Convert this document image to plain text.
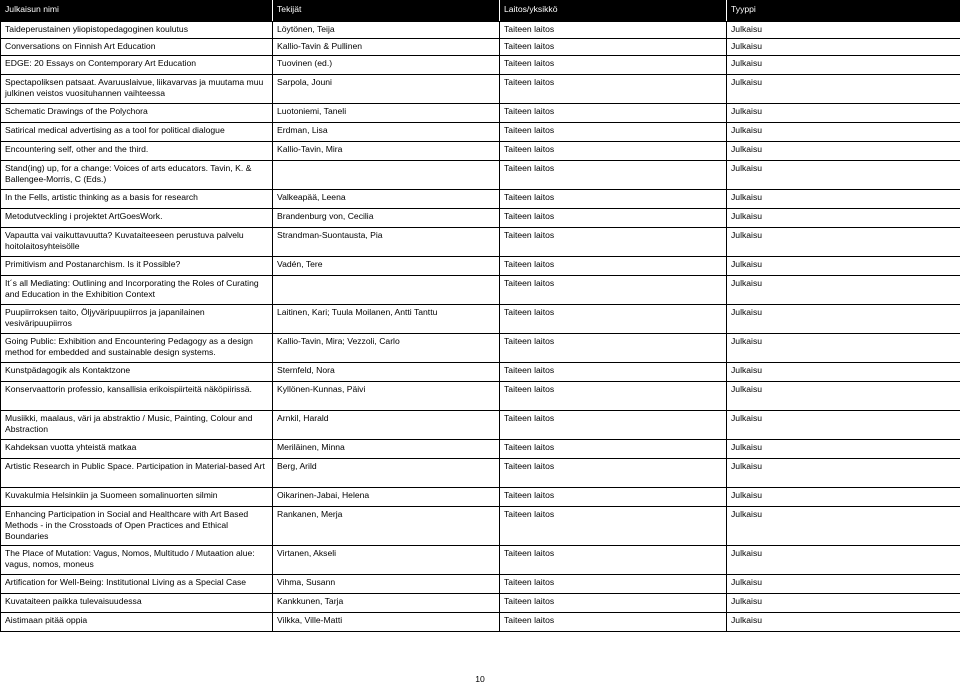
Julkaisun nimi	Tekijät	Laitos/yksikkö	Tyyppi
Taideperustainen yliopistopedagoginen koulutus	Löytönen, Teija	Taiteen laitos	Julkaisu
Conversations on Finnish Art Education	Kallio-Tavin & Pullinen	Taiteen laitos	Julkaisu
EDGE: 20 Essays on Contemporary Art Education	Tuovinen (ed.)	Taiteen laitos	Julkaisu
Spectapoliksen patsaat. Avaruuslaivue, liikavarvas ja muutama muu julkinen veistos vuosituhannen vaihteessa	Sarpola, Jouni	Taiteen laitos	Julkaisu
Schematic Drawings of the Polychora	Luotoniemi, Taneli	Taiteen laitos	Julkaisu
Satirical medical advertising as a tool for political dialogue	Erdman, Lisa	Taiteen laitos	Julkaisu
Encountering self, other and the third.	Kallio-Tavin, Mira	Taiteen laitos	Julkaisu
Stand(ing) up, for a change: Voices of arts educators. Tavin, K. & Ballengee-Morris, C (Eds.)		Taiteen laitos	Julkaisu
In the Fells, artistic thinking as a basis for research	Valkeapää, Leena	Taiteen laitos	Julkaisu
Metodutveckling i projektet ArtGoesWork.	Brandenburg von, Cecilia	Taiteen laitos	Julkaisu
Vapautta vai vaikuttavuutta? Kuvataiteeseen perustuva palvelu hoitolaitosyhteisölle	Strandman-Suontausta, Pia	Taiteen laitos	Julkaisu
Primitivism and Postanarchism. Is it Possible?	Vadén, Tere	Taiteen laitos	Julkaisu
It´s all Mediating: Outlining and Incorporating the Roles of Curating and Education in the Exhibition Context		Taiteen laitos	Julkaisu
Puupiirroksen taito, Öljyväripuupiirros ja japanilainen vesiväripuupiirros	Laitinen, Kari; Tuula Moilanen, Antti Tanttu	Taiteen laitos	Julkaisu
Going Public: Exhibition and Encountering Pedagogy as a design method for embedded and sustainable design systems.	Kallio-Tavin, Mira; Vezzoli, Carlo	Taiteen laitos	Julkaisu
Kunstpädagogik als Kontaktzone	Sternfeld, Nora	Taiteen laitos	Julkaisu
Konservaattorin professio, kansallisia erikoispiirteitä näköpiirissä.	Kyllönen-Kunnas, Päivi	Taiteen laitos	Julkaisu
Musiikki, maalaus, väri ja abstraktio / Music, Painting, Colour and Abstraction	Arnkil, Harald	Taiteen laitos	Julkaisu
Kahdeksan vuotta yhteistä matkaa	Meriläinen, Minna	Taiteen laitos	Julkaisu
Artistic Research in Public Space. Participation in Material-based Art	Berg, Arild	Taiteen laitos	Julkaisu
Kuvakulmia Helsinkiin ja Suomeen somalinuorten silmin	Oikarinen-Jabai, Helena	Taiteen laitos	Julkaisu
Enhancing Participation in Social and Healthcare with Art Based Methods - in the Crosstoads of Open Practices and Ethical Boundaries	Rankanen, Merja	Taiteen laitos	Julkaisu
The Place of Mutation: Vagus, Nomos, Multitudo / Mutaation alue: vagus, nomos, moneus	Virtanen, Akseli	Taiteen laitos	Julkaisu
Artification for Well-Being: Institutional Living as a Special Case	Vihma, Susann	Taiteen laitos	Julkaisu
Kuvataiteen paikka tulevaisuudessa	Kankkunen, Tarja	Taiteen laitos	Julkaisu
Aistimaan pitää oppia	Vilkka, Ville-Matti	Taiteen laitos	Julkaisu
10
